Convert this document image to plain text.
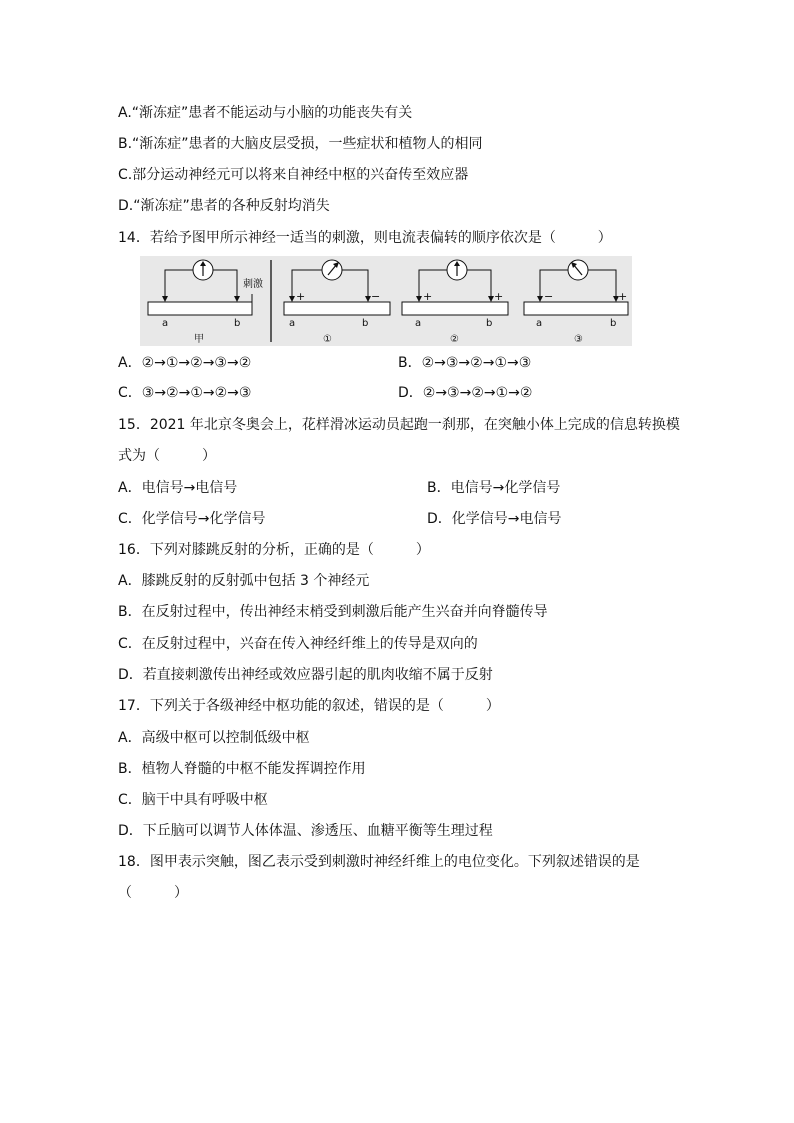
A.“渐冻症”患者不能运动与小脑的功能丧失有关
B.“渐冻症”患者的大脑皮层受损，一些症状和植物人的相同
C.部分运动神经元可以将来自神经中枢的兴奋传至效应器
D.“渐冻症”患者的各种反射均消失
14．若给予图甲所示神经一适当的刺激，则电流表偏转的顺序依次是（　　　）
刺激
a	b
甲
+	−
a	b
①
+	+
a	b
②
−	+
a	b
③
A．②→①→②→③→②	B．②→③→②→①→③
C．③→②→①→②→③	D．②→③→②→①→②
15．2021 年北京冬奥会上，花样滑冰运动员起跑一刹那，在突触小体上完成的信息转换模
式为（　　　）
A．电信号→电信号	B．电信号→化学信号
C．化学信号→化学信号	D．化学信号→电信号
16．下列对膝跳反射的分析，正确的是（　　　）
A．膝跳反射的反射弧中包括 3 个神经元
B．在反射过程中，传出神经末梢受到刺激后能产生兴奋并向脊髓传导
C．在反射过程中，兴奋在传入神经纤维上的传导是双向的
D．若直接刺激传出神经或效应器引起的肌肉收缩不属于反射
17．下列关于各级神经中枢功能的叙述，错误的是（　　　）
A．高级中枢可以控制低级中枢
B．植物人脊髓的中枢不能发挥调控作用
C．脑干中具有呼吸中枢
D．下丘脑可以调节人体体温、渗透压、血糖平衡等生理过程
18．图甲表示突触，图乙表示受到刺激时神经纤维上的电位变化。下列叙述错误的是
（　　　）
